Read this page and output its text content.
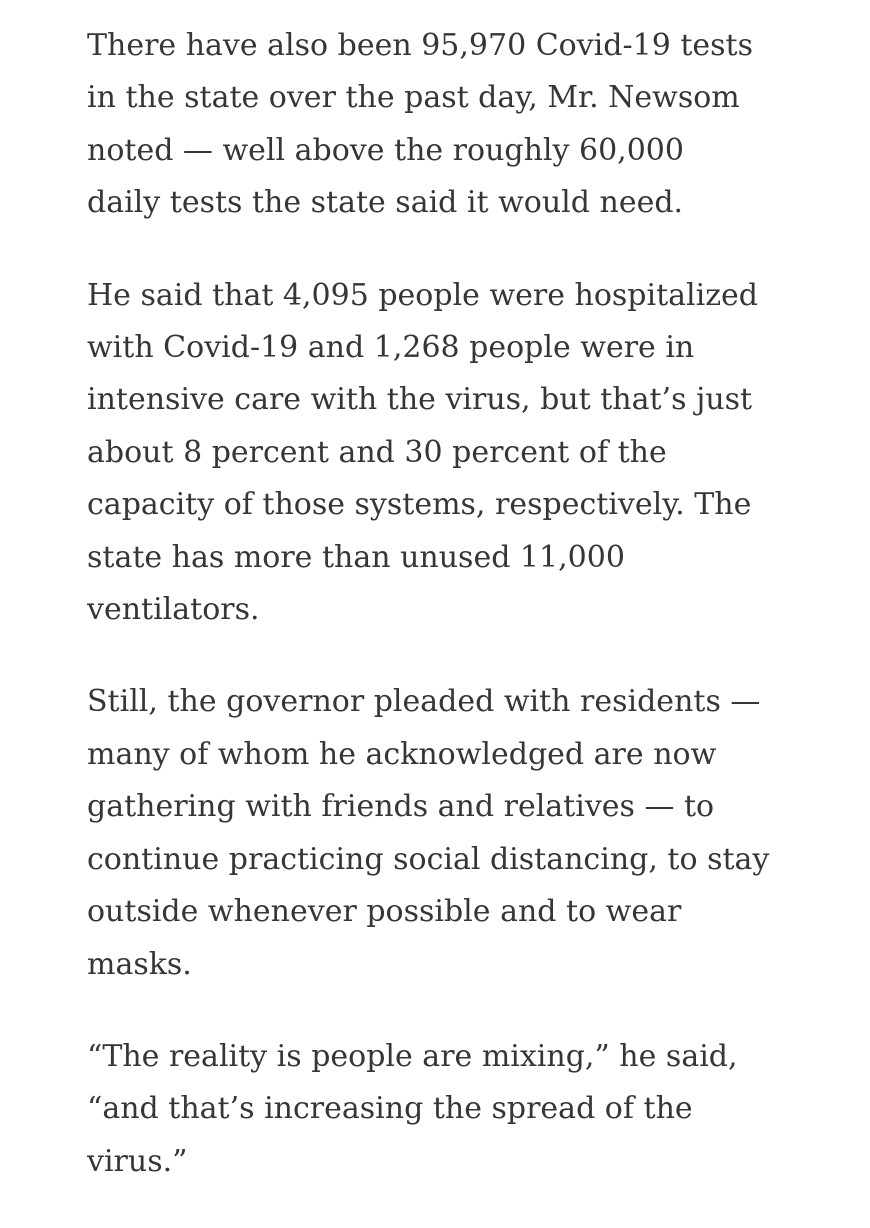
There have also been 95,970 Covid-19 tests
in the state over the past day, Mr. Newsom
noted — well above the roughly 60,000
daily tests the state said it would need.

He said that 4,095 people were hospitalized
with Covid-19 and 1,268 people were in
intensive care with the virus, but that’s just
about 8 percent and 30 percent of the
capacity of those systems, respectively. The
state has more than unused 11,000
ventilators.

Still, the governor pleaded with residents —
many of whom he acknowledged are now
gathering with friends and relatives — to
continue practicing social distancing, to stay
outside whenever possible and to wear
masks.

“The reality is people are mixing,” he said,
“and that’s increasing the spread of the
virus.”
